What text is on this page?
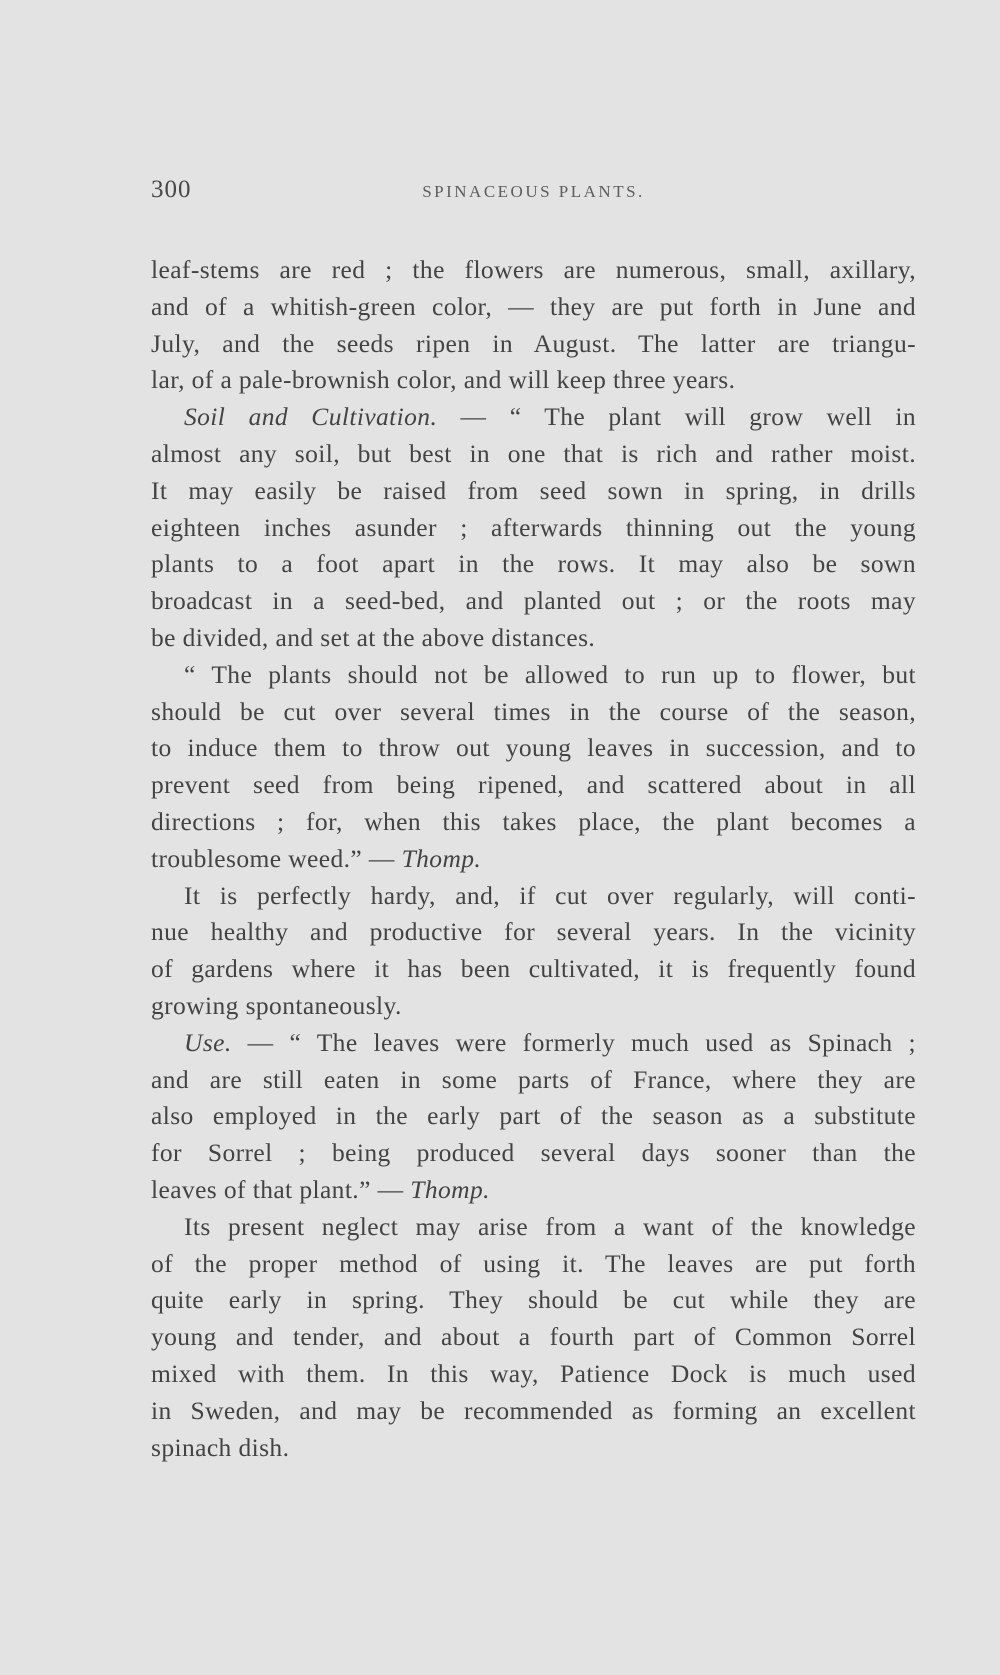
300	SPINACEOUS PLANTS.
leaf-stems are red ; the flowers are numerous, small, axillary,
and of a whitish-green color, — they are put forth in June and
July, and the seeds ripen in August. The latter are triangu-
lar, of a pale-brownish color, and will keep three years.
Soil and Cultivation. — “ The plant will grow well in
almost any soil, but best in one that is rich and rather moist.
It may easily be raised from seed sown in spring, in drills
eighteen inches asunder ; afterwards thinning out the young
plants to a foot apart in the rows. It may also be sown
broadcast in a seed-bed, and planted out ; or the roots may
be divided, and set at the above distances.
“ The plants should not be allowed to run up to flower, but
should be cut over several times in the course of the season,
to induce them to throw out young leaves in succession, and to
prevent seed from being ripened, and scattered about in all
directions ; for, when this takes place, the plant becomes a
troublesome weed.” — Thomp.
It is perfectly hardy, and, if cut over regularly, will conti-
nue healthy and productive for several years. In the vicinity
of gardens where it has been cultivated, it is frequently found
growing spontaneously.
Use. — “ The leaves were formerly much used as Spinach ;
and are still eaten in some parts of France, where they are
also employed in the early part of the season as a substitute
for Sorrel ; being produced several days sooner than the
leaves of that plant.” — Thomp.
Its present neglect may arise from a want of the knowledge
of the proper method of using it. The leaves are put forth
quite early in spring. They should be cut while they are
young and tender, and about a fourth part of Common Sorrel
mixed with them. In this way, Patience Dock is much used
in Sweden, and may be recommended as forming an excellent
spinach dish.
